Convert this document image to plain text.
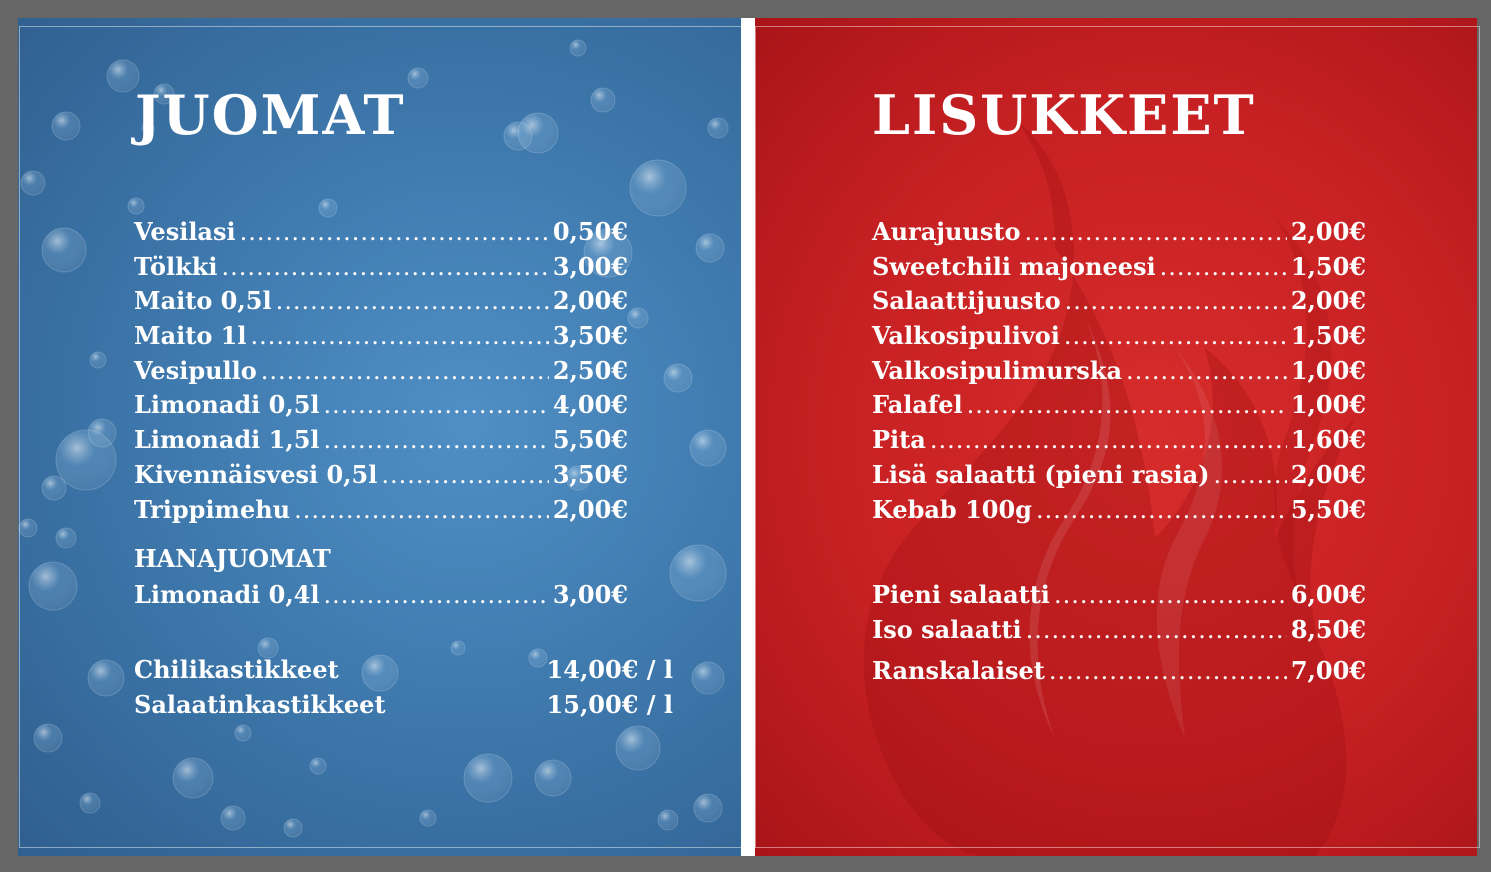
JUOMAT
Vesilasi .....	0,50€
Tölkki .....	3,00€
Maito 0,5l .....	2,00€
Maito 1l .....	3,50€
Vesipullo .....	2,50€
Limonadi 0,5l .....	4,00€
Limonadi 1,5l .....	5,50€
Kivennäisvesi 0,5l .....	3,50€
Trippimehu .....	2,00€
HANAJUOMAT
Limonadi 0,4l .....	3,00€
Chilikastikkeet	14,00€ / l
Salaatinkastikkeet	15,00€ / l
LISUKKEET
Aurajuusto .....	2,00€
Sweetchili majoneesi .....	1,50€
Salaattijuusto .....	2,00€
Valkosipulivoi .....	1,50€
Valkosipulimurska .....	1,00€
Falafel .....	1,00€
Pita .....	1,60€
Lisä salaatti (pieni rasia) .....	2,00€
Kebab 100g .....	5,50€
Pieni salaatti .....	6,00€
Iso salaatti .....	8,50€
Ranskalaiset .....	7,00€
